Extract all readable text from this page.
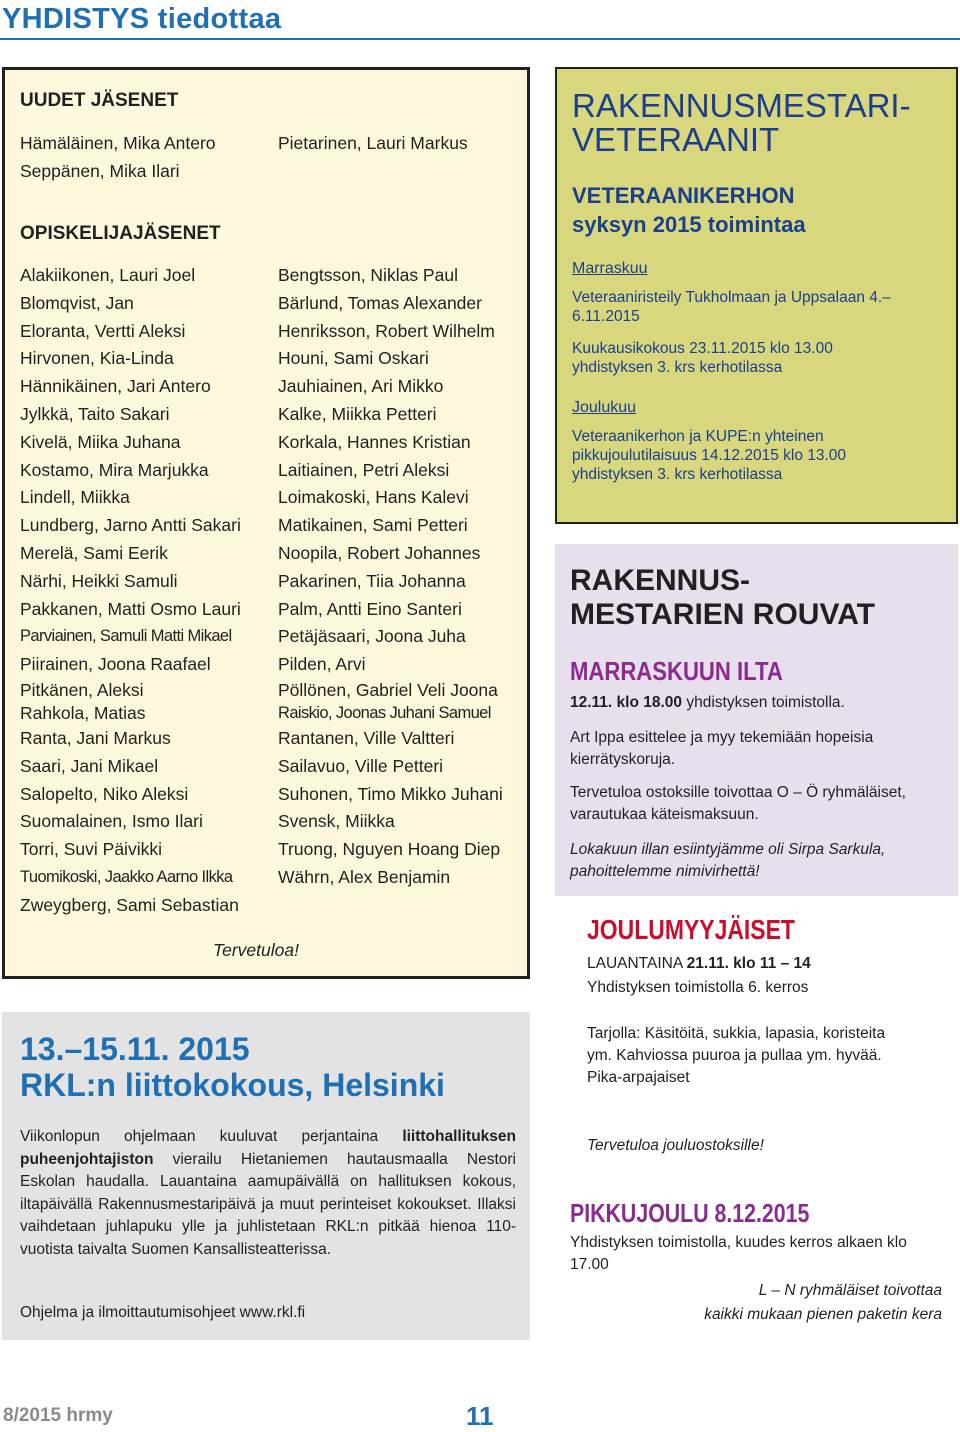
YHDISTYS tiedottaa
UUDET JÄSENET
Hämäläinen, Mika Antero
Seppänen, Mika Ilari
Pietarinen, Lauri Markus
OPISKELIJAJÄSENET
Alakiikonen, Lauri Joel
Blomqvist, Jan
Eloranta, Vertti Aleksi
Hirvonen, Kia-Linda
Hännikäinen, Jari Antero
Jylkkä, Taito Sakari
Kivelä, Miika Juhana
Kostamo, Mira Marjukka
Lindell, Miikka
Lundberg, Jarno Antti Sakari
Merelä, Sami Eerik
Närhi, Heikki Samuli
Pakkanen, Matti Osmo Lauri
Parviainen, Samuli Matti Mikael
Piirainen, Joona Raafael
Pitkänen, Aleksi
Rahkola, Matias
Ranta, Jani Markus
Saari, Jani Mikael
Salopelto, Niko Aleksi
Suomalainen, Ismo Ilari
Torri, Suvi Päivikki
Tuomikoski, Jaakko Aarno Ilkka
Zweygberg, Sami Sebastian
Bengtsson, Niklas Paul
Bärlund, Tomas Alexander
Henriksson, Robert Wilhelm
Houni, Sami Oskari
Jauhiainen, Ari Mikko
Kalke, Miikka Petteri
Korkala, Hannes Kristian
Laitiainen, Petri Aleksi
Loimakoski, Hans Kalevi
Matikainen, Sami Petteri
Noopila, Robert Johannes
Pakarinen, Tiia Johanna
Palm, Antti Eino Santeri
Petäjäsaari, Joona Juha
Pilden, Arvi
Pöllönen, Gabriel Veli Joona
Raiskio, Joonas Juhani Samuel
Rantanen, Ville Valtteri
Sailavuo, Ville Petteri
Suhonen, Timo Mikko Juhani
Svensk, Miikka
Truong, Nguyen Hoang Diep
Währn, Alex Benjamin
Tervetuloa!
13.–15.11. 2015
RKL:n liittokokous, Helsinki
Viikonlopun ohjelmaan kuuluvat perjantaina liittohallituksen puheenjohtajiston vierailu Hietaniemen hautausmaalla Nestori Eskolan haudalla. Lauantaina aamupäivällä on hallituksen kokous, iltapäivällä Rakennusmestaripäivä ja muut perinteiset kokoukset. Illaksi vaihdetaan juhlapuku ylle ja juhlistetaan RKL:n pitkää hienoa 110-vuotista taivalta Suomen Kansallisteatterissa.
Ohjelma ja ilmoittautumisohjeet www.rkl.fi
RAKENNUSMESTARI-
VETERAANIT
VETERAANIKERHON
syksyn 2015 toimintaa
Marraskuu
Veteraaniristeily Tukholmaan ja Uppsalaan 4.–6.11.2015
Kuukausikokous 23.11.2015 klo 13.00 yhdistyksen 3. krs kerhotilassa
Joulukuu
Veteraanikerhon ja KUPE:n yhteinen pikkujoulutilaisuus 14.12.2015 klo 13.00 yhdistyksen 3. krs kerhotilassa
RAKENNUS-
MESTARIEN ROUVAT
MARRASKUUN ILTA
12.11. klo 18.00 yhdistyksen toimistolla.
Art Ippa esittelee ja myy tekemiään hopeisia kierrätyskoruja.
Tervetuloa ostoksille toivottaa O – Ö ryhmäläiset, varautukaa käteismaksuun.
Lokakuun illan esiintyjämme oli Sirpa Sarkula, pahoittelemme nimivirhettä!
JOULUMYYJÄISET
LAUANTAINA 21.11. klo 11 – 14
Yhdistyksen toimistolla 6. kerros
Tarjolla: Käsitöitä, sukkia, lapasia, koristeita ym. Kahviossa puuroa ja pullaa ym. hyvää. Pika-arpajaiset
Tervetuloa jouluostoksille!
PIKKUJOULU 8.12.2015
Yhdistyksen toimistolla, kuudes kerros alkaen klo 17.00
L – N ryhmäläiset toivottaa
kaikki mukaan pienen paketin kera
8/2015 hrmy	11
